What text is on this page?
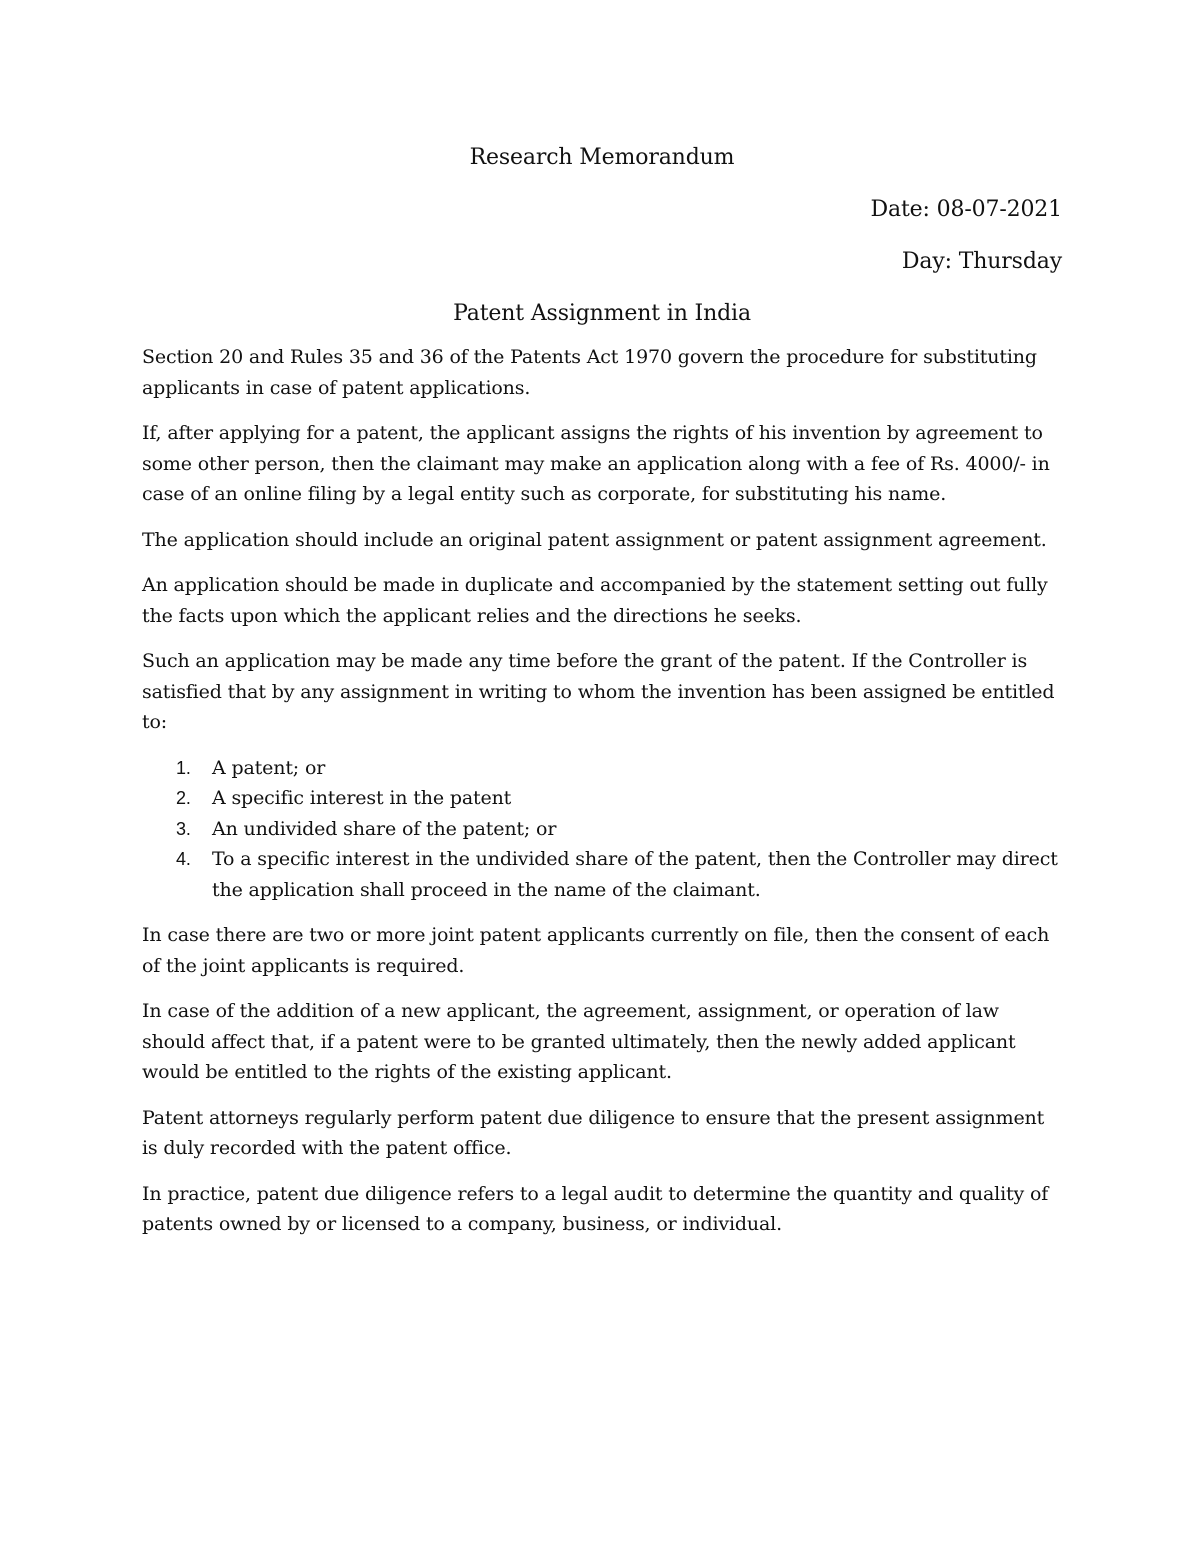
Research Memorandum
Date: 08-07-2021
Day: Thursday
Patent Assignment in India

Section 20 and Rules 35 and 36 of the Patents Act 1970 govern the procedure for substituting applicants in case of patent applications.

If, after applying for a patent, the applicant assigns the rights of his invention by agreement to some other person, then the claimant may make an application along with a fee of Rs. 4000/- in case of an online filing by a legal entity such as corporate, for substituting his name.

The application should include an original patent assignment or patent assignment agreement.

An application should be made in duplicate and accompanied by the statement setting out fully the facts upon which the applicant relies and the directions he seeks.

Such an application may be made any time before the grant of the patent. If the Controller is satisfied that by any assignment in writing to whom the invention has been assigned be entitled to:

1. A patent; or
2. A specific interest in the patent
3. An undivided share of the patent; or
4. To a specific interest in the undivided share of the patent, then the Controller may direct the application shall proceed in the name of the claimant.

In case there are two or more joint patent applicants currently on file, then the consent of each of the joint applicants is required.

In case of the addition of a new applicant, the agreement, assignment, or operation of law should affect that, if a patent were to be granted ultimately, then the newly added applicant would be entitled to the rights of the existing applicant.

Patent attorneys regularly perform patent due diligence to ensure that the present assignment is duly recorded with the patent office.

In practice, patent due diligence refers to a legal audit to determine the quantity and quality of patents owned by or licensed to a company, business, or individual.
